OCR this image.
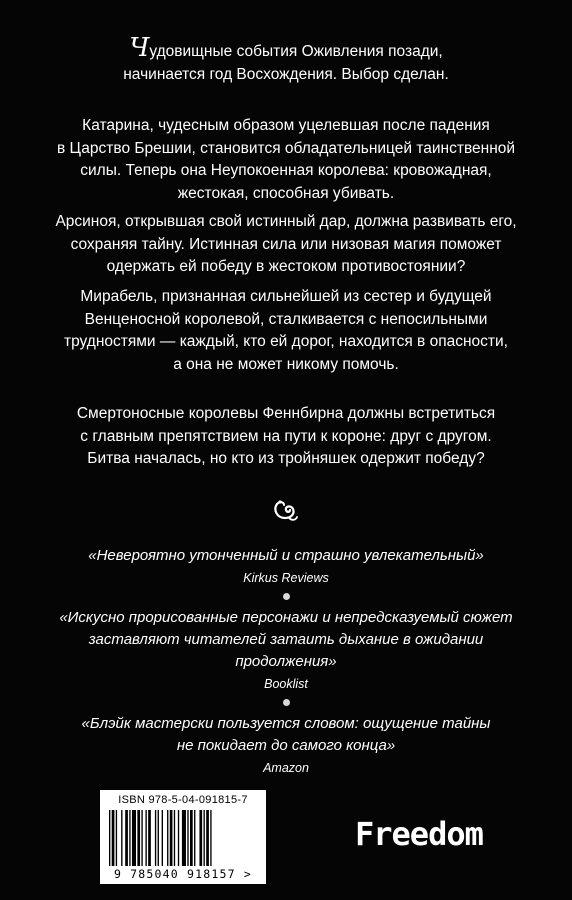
Чудовищные события Оживления позади,
начинается год Восхождения. Выбор сделан.
Катарина, чудесным образом уцелевшая после падения
в Царство Брешии, становится обладательницей таинственной
силы. Теперь она Неупокоенная королева: кровожадная,
жестокая, способная убивать.
Арсиноя, открывшая свой истинный дар, должна развивать его,
сохраняя тайну. Истинная сила или низовая магия поможет
одержать ей победу в жестоком противостоянии?
Мирабель, признанная сильнейшей из сестер и будущей
Венценосной королевой, сталкивается с непосильными
трудностями — каждый, кто ей дорог, находится в опасности,
а она не может никому помочь.
Смертоносные королевы Феннбирна должны встретиться
с главным препятствием на пути к короне: друг с другом.
Битва началась, но кто из тройняшек одержит победу?
«Невероятно утонченный и страшно увлекательный»
Kirkus Reviews
«Искусно прорисованные персонажи и непредсказуемый сюжет
заставляют читателей затаить дыхание в ожидании
продолжения»
Booklist
«Блэйк мастерски пользуется словом: ощущение тайны
не покидает до самого конца»
Amazon
ISBN 978-5-04-091815-7
9 785040 918157 >
Freedom
